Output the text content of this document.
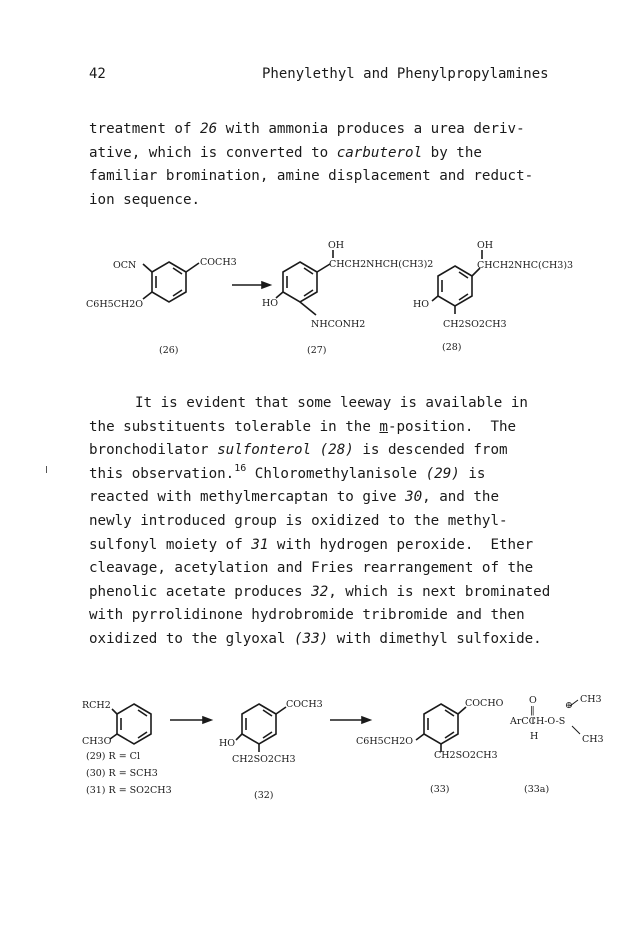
42	Phenylethyl and Phenylpropylamines
treatment of 26 with ammonia produces a urea deriv-
ative, which is converted to carbuterol by the
familiar bromination, amine displacement and reduct-
ion sequence.
OCN	COCH3
C6H5CH2O
(26)
OH
CHCH2NHCH(CH3)2
HO
NHCONH2
(27)
OH
CHCH2NHC(CH3)3
HO
CH2SO2CH3
(28)
It is evident that some leeway is available in
the substituents tolerable in the m-position.  The
bronchodilator sulfonterol (28) is descended from
this observation.$^{16}$ Chloromethylanisole (29) is
reacted with methylmercaptan to give 30, and the
newly introduced group is oxidized to the methyl-
sulfonyl moiety of 31 with hydrogen peroxide.  Ether
cleavage, acetylation and Fries rearrangement of the
phenolic acetate produces 32, which is next brominated
with pyrrolidinone hydrobromide tribromide and then
oxidized to the glyoxal (33) with dimethyl sulfoxide.
RCH2
CH3O
(29) R = Cl
(30) R = SCH3
(31) R = SO2CH3
COCH3
HO
CH2SO2CH3
(32)
COCHO
C6H5CH2O
CH2SO2CH3
(33)
O
‖
ArCCH-O-S
⊕
CH3
H	CH3
(33a)
